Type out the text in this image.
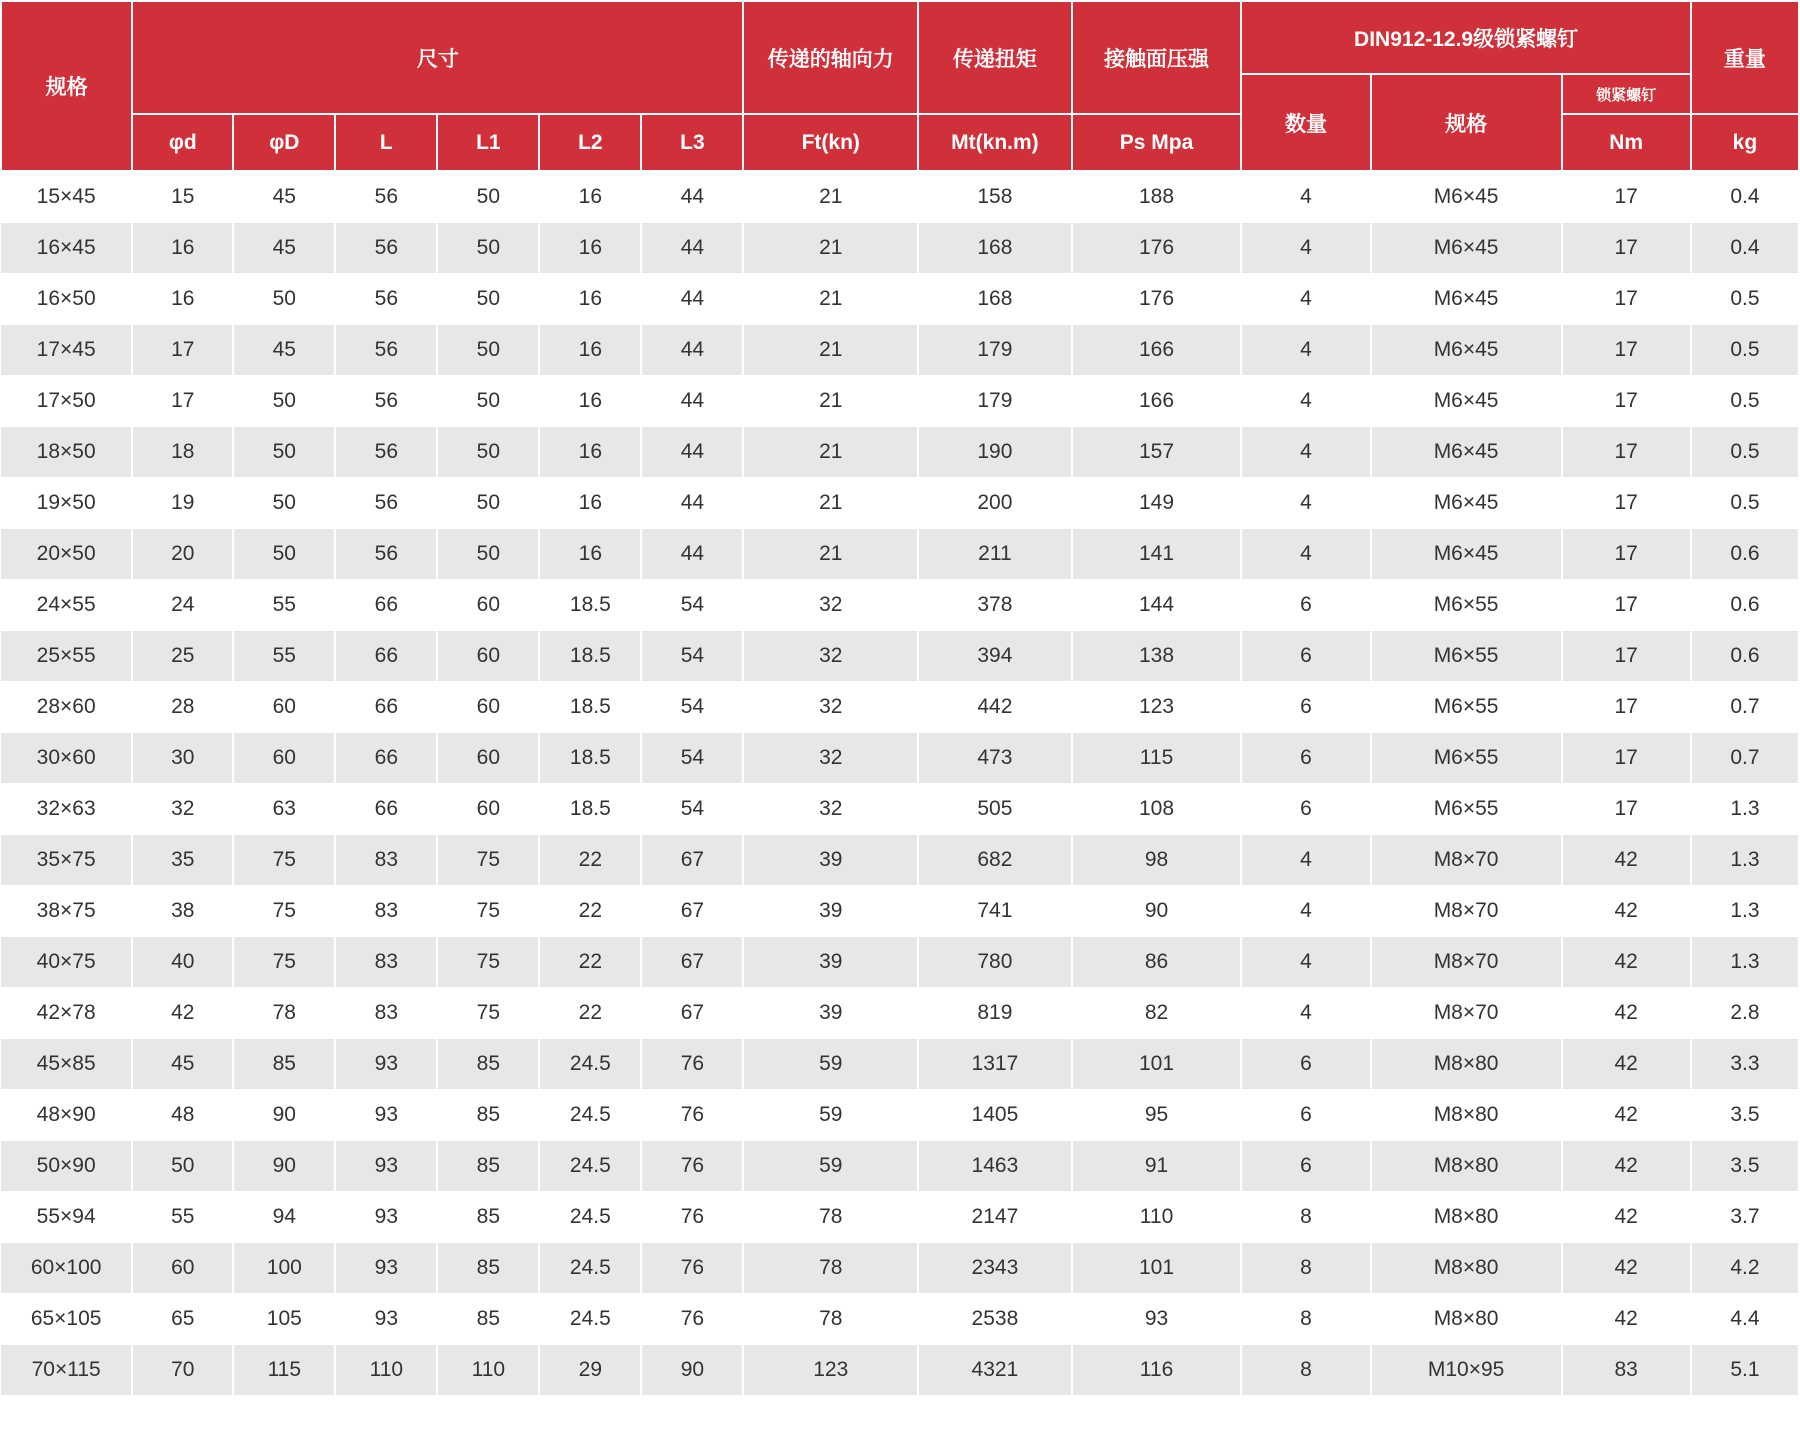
规格	尺寸						传递的轴向力	传递扭矩	接触面压强	DIN912-12.9级锁紧螺钉			重量
										数量	规格	锁紧螺钉	
	φd	φD	L	L1	L2	L3	Ft(kn)	Mt(kn.m)	Ps Mpa			Nm	kg
15×45	15	45	56	50	16	44	21	158	188	4	M6×45	17	0.4
16×45	16	45	56	50	16	44	21	168	176	4	M6×45	17	0.4
16×50	16	50	56	50	16	44	21	168	176	4	M6×45	17	0.5
17×45	17	45	56	50	16	44	21	179	166	4	M6×45	17	0.5
17×50	17	50	56	50	16	44	21	179	166	4	M6×45	17	0.5
18×50	18	50	56	50	16	44	21	190	157	4	M6×45	17	0.5
19×50	19	50	56	50	16	44	21	200	149	4	M6×45	17	0.5
20×50	20	50	56	50	16	44	21	211	141	4	M6×45	17	0.6
24×55	24	55	66	60	18.5	54	32	378	144	6	M6×55	17	0.6
25×55	25	55	66	60	18.5	54	32	394	138	6	M6×55	17	0.6
28×60	28	60	66	60	18.5	54	32	442	123	6	M6×55	17	0.7
30×60	30	60	66	60	18.5	54	32	473	115	6	M6×55	17	0.7
32×63	32	63	66	60	18.5	54	32	505	108	6	M6×55	17	1.3
35×75	35	75	83	75	22	67	39	682	98	4	M8×70	42	1.3
38×75	38	75	83	75	22	67	39	741	90	4	M8×70	42	1.3
40×75	40	75	83	75	22	67	39	780	86	4	M8×70	42	1.3
42×78	42	78	83	75	22	67	39	819	82	4	M8×70	42	2.8
45×85	45	85	93	85	24.5	76	59	1317	101	6	M8×80	42	3.3
48×90	48	90	93	85	24.5	76	59	1405	95	6	M8×80	42	3.5
50×90	50	90	93	85	24.5	76	59	1463	91	6	M8×80	42	3.5
55×94	55	94	93	85	24.5	76	78	2147	110	8	M8×80	42	3.7
60×100	60	100	93	85	24.5	76	78	2343	101	8	M8×80	42	4.2
65×105	65	105	93	85	24.5	76	78	2538	93	8	M8×80	42	4.4
70×115	70	115	110	110	29	90	123	4321	116	8	M10×95	83	5.1
